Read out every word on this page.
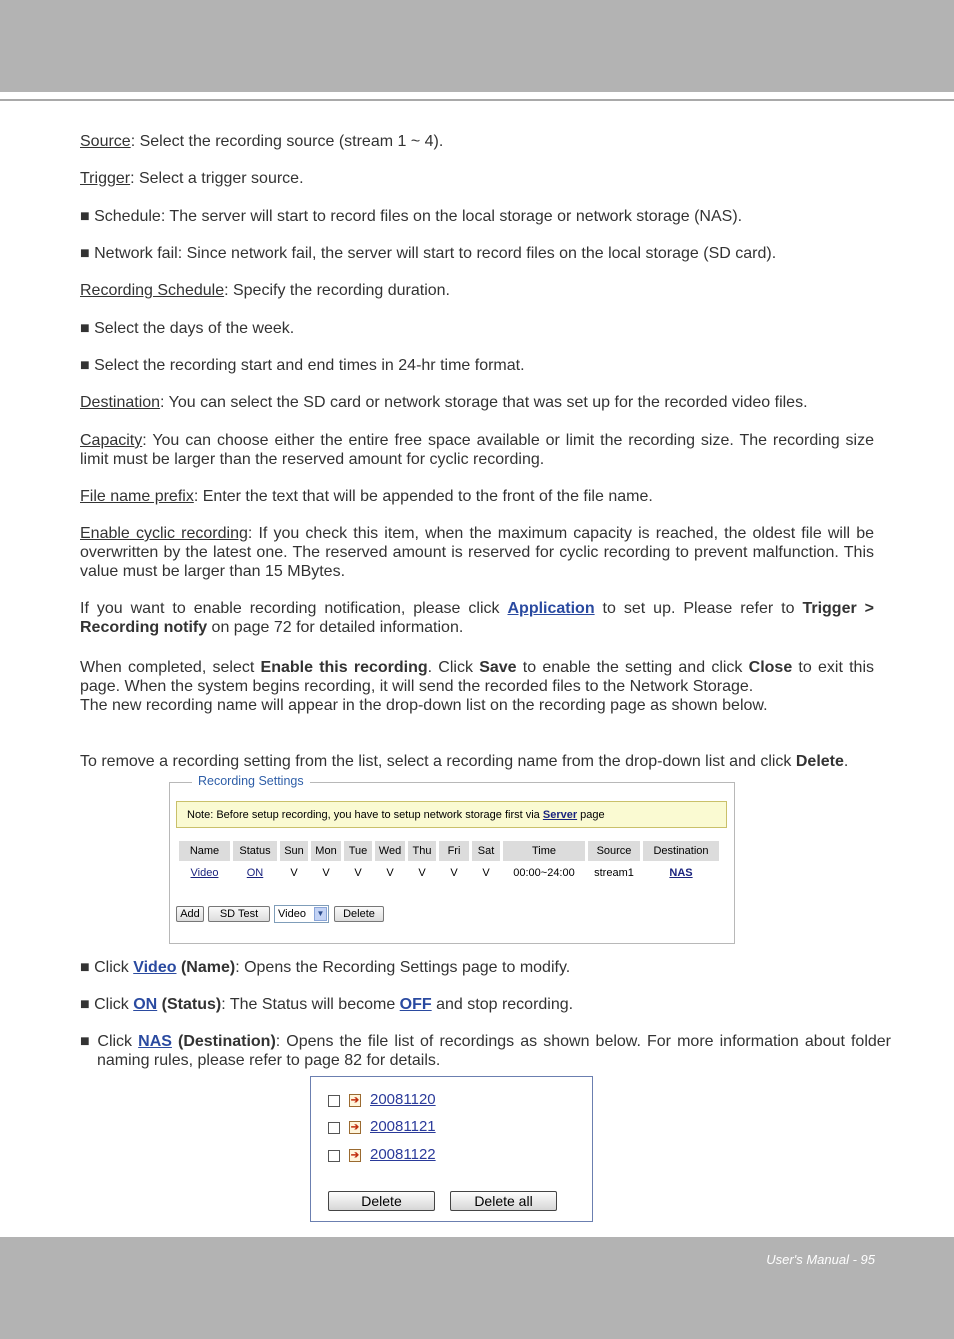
Source: Select the recording source (stream 1 ~ 4).

Trigger: Select a trigger source.

■ Schedule: The server will start to record files on the local storage or network storage (NAS).

■ Network fail: Since network fail, the server will start to record files on the local storage (SD card).

Recording Schedule: Specify the recording duration.

■ Select the days of the week.

■ Select the recording start and end times in 24-hr time format.

Destination: You can select the SD card or network storage that was set up for the recorded video files.

Capacity: You can choose either the entire free space available or limit the recording size. The recording size limit must be larger than the reserved amount for cyclic recording.

File name prefix: Enter the text that will be appended to the front of the file name.

Enable cyclic recording: If you check this item, when the maximum capacity is reached, the oldest file will be overwritten by the latest one. The reserved amount is reserved for cyclic recording to prevent malfunction. This value must be larger than 15 MBytes.

If you want to enable recording notification, please click Application to set up. Please refer to Trigger > Recording notify on page 72 for detailed information.

When completed, select Enable this recording. Click Save to enable the setting and click Close to exit this page. When the system begins recording, it will send the recorded files to the Network Storage.
The new recording name will appear in the drop-down list on the recording page as shown below.

To remove a recording setting from the list, select a recording name from the drop-down list and click Delete.

Recording Settings
Note: Before setup recording, you have to setup network storage first via Server page
Name	Status	Sun	Mon	Tue	Wed	Thu	Fri	Sat	Time	Source	Destination
Video	ON	V	V	V	V	V	V	V	00:00~24:00	stream1	NAS
Add	SD Test	Video	▼	Delete

■ Click Video (Name): Opens the Recording Settings page to modify.

■ Click ON (Status): The Status will become OFF and stop recording.

■ Click NAS (Destination): Opens the file list of recordings as shown below. For more information about folder naming rules, please refer to page 82 for details.

➔ 20081120
➔ 20081121
➔ 20081122
Delete	Delete all
User's Manual - 95
